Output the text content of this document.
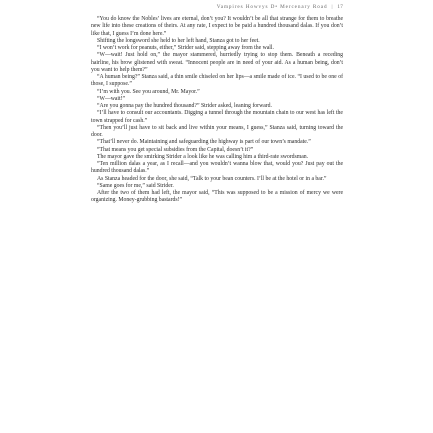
Vampires Howvys D• Mercenary Road | 17

“You do know the Nobles’ lives are eternal, don’t you? It wouldn’t be all that strange for them to breathe new life into these creations of theirs. At any rate, I expect to be paid a hundred thousand dalas. If you don’t like that, I guess I’m done here.”

Shifting the longsword she held to her left hand, Stanza got to her feet.

“I won’t work for peanuts, either,” Strider said, stepping away from the wall.

“W—wait! Just hold on,” the mayor stammered, hurriedly trying to stop them. Beneath a receding hairline, his brow glistened with sweat. “Innocent people are in need of your aid. As a human being, don’t you want to help them?”

“A human being?” Stanza said, a thin smile chiseled on her lips—a smile made of ice. “I used to be one of those, I suppose.”

“I’m with you. See you around, Mr. Mayor.”

“W—wait!”

“Are you gonna pay the hundred thousand?” Strider asked, leaning forward.

“I’ll have to consult our accountants. Digging a tunnel through the mountain chain to our west has left the town strapped for cash.”

“Then you’ll just have to sit back and live within your means, I guess,” Stanza said, turning toward the door.

“That’ll never do. Maintaining and safeguarding the highway is part of our town’s mandate.”

“That means you get special subsidies from the Capital, doesn’t it?”

The mayor gave the smirking Strider a look like he was calling him a third-rate swordsman.

“Ten million dalas a year, as I recall—and you wouldn’t wanna blow that, would you? Just pay out the hundred thousand dalas.”

As Stanza headed for the door, she said, “Talk to your bean counters. I’ll be at the hotel or in a bar.”

“Same goes for me,” said Strider.

After the two of them had left, the mayor said, “This was supposed to be a mission of mercy we were organizing. Money-grubbing bastards!”
